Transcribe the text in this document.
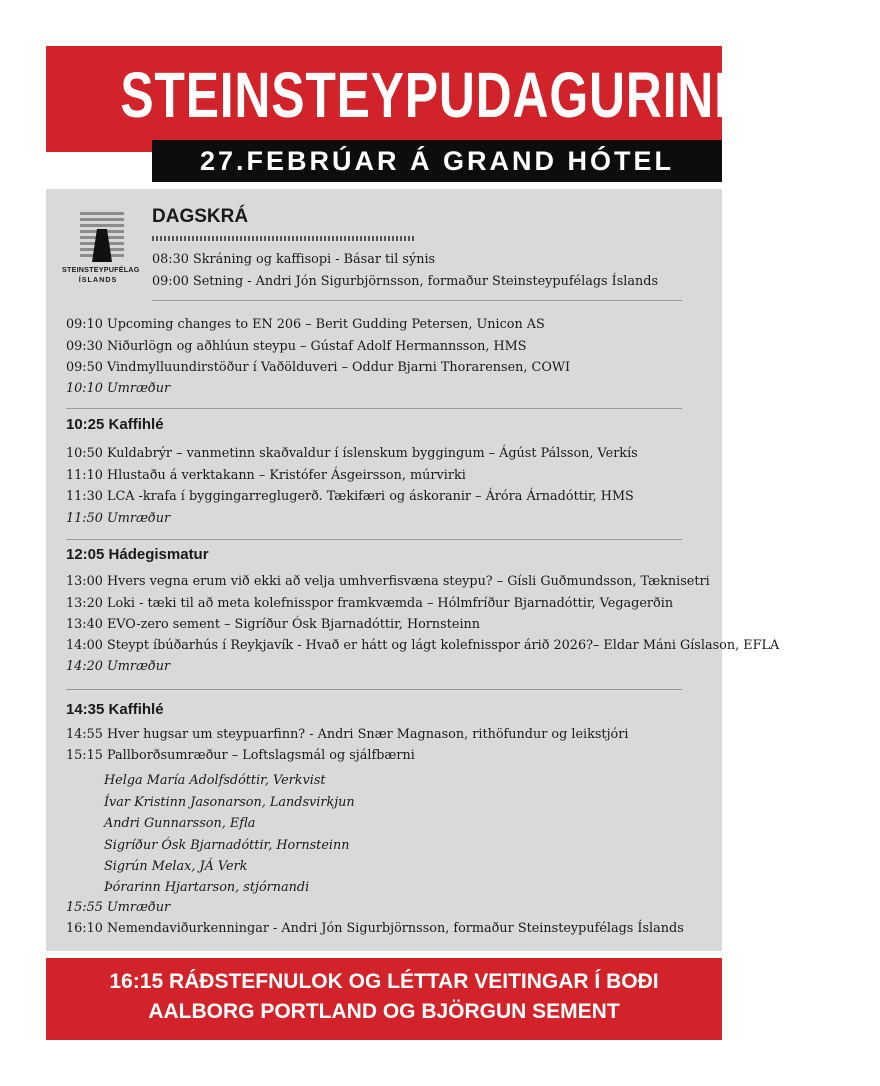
STEINSTEYPUDAGURINN 2026
27.FEBRÚAR Á GRAND HÓTEL
STEINSTEYPUFÉLAG
ÍSLANDS
DAGSKRÁ
08:30 Skráning og kaffisopi - Básar til sýnis
09:00 Setning - Andri Jón Sigurbjörnsson, formaður Steinsteypufélags Íslands
09:10 Upcoming changes to EN 206 – Berit Gudding Petersen, Unicon AS
09:30 Niðurlögn og aðhlúun steypu – Gústaf Adolf Hermannsson, HMS
09:50 Vindmylluundirstöður í Vaðölduveri – Oddur Bjarni Thorarensen, COWI
10:10 Umræður
10:25 Kaffihlé
10:50 Kuldabrýr – vanmetinn skaðvaldur í íslenskum byggingum – Ágúst Pálsson, Verkís
11:10 Hlustaðu á verktakann – Kristófer Ásgeirsson, múrvirki
11:30 LCA -krafa í byggingarreglugerð. Tækifæri og áskoranir – Áróra Árnadóttir, HMS
11:50 Umræður
12:05 Hádegismatur
13:00 Hvers vegna erum við ekki að velja umhverfisvæna steypu? – Gísli Guðmundsson, Tæknisetri
13:20 Loki - tæki til að meta kolefnisspor framkvæmda – Hólmfríður Bjarnadóttir, Vegagerðin
13:40 EVO-zero sement – Sigríður Ósk Bjarnadóttir, Hornsteinn
14:00 Steypt íbúðarhús í Reykjavík - Hvað er hátt og lágt kolefnisspor árið 2026?– Eldar Máni Gíslason, EFLA
14:20 Umræður
14:35 Kaffihlé
14:55 Hver hugsar um steypuarfinn? - Andri Snær Magnason, rithöfundur og leikstjóri
15:15 Pallborðsumræður – Loftslagsmál og sjálfbærni
Helga María Adolfsdóttir, Verkvist
Ívar Kristinn Jasonarson, Landsvirkjun
Andri Gunnarsson, Efla
Sigríður Ósk Bjarnadóttir, Hornsteinn
Sigrún Melax, JÁ Verk
Þórarinn Hjartarson, stjórnandi
15:55 Umræður
16:10 Nemendaviðurkenningar - Andri Jón Sigurbjörnsson, formaður Steinsteypufélags Íslands
16:15 RÁÐSTEFNULOK OG LÉTTAR VEITINGAR Í BOÐI
AALBORG PORTLAND OG BJÖRGUN SEMENT
